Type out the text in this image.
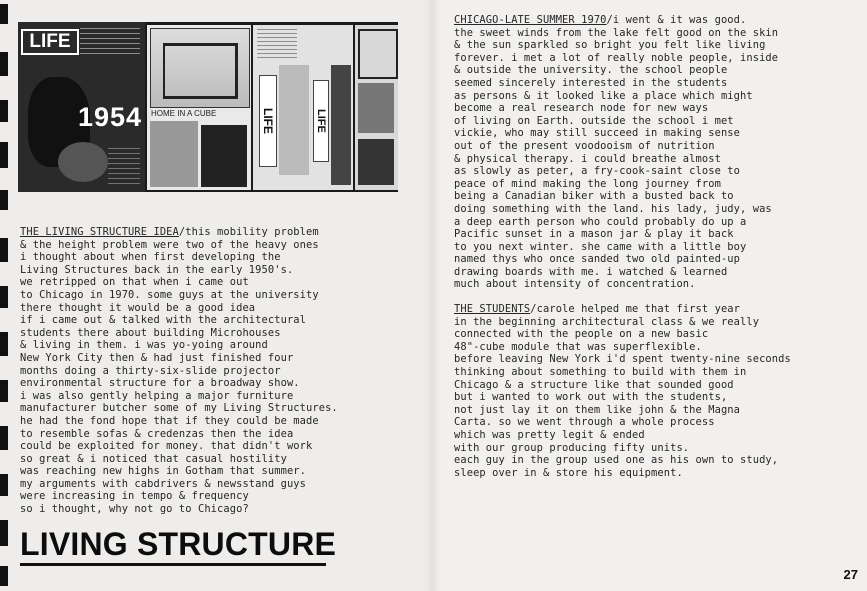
LIFE
1954 HOME IN A CUBE	LIFE	LIFE
THE LIVING STRUCTURE IDEA/this mobility problem
& the height problem were two of the heavy ones
i thought about when first developing the
Living Structures back in the early 1950's.
we retripped on that when i came out
to Chicago in 1970. some guys at the university
there thought it would be a good idea
if i came out & talked with the architectural
students there about building Microhouses
& living in them. i was yo-yoing around
New York City then & had just finished four
months doing a thirty-six-slide projector
environmental structure for a broadway show.
i was also gently helping a major furniture
manufacturer butcher some of my Living Structures.
he had the fond hope that if they could be made
to resemble sofas & credenzas then the idea
could be exploited for money. that didn't work
so great & i noticed that casual hostility
was reaching new highs in Gotham that summer.
my arguments with cabdrivers & newsstand guys
were increasing in tempo & frequency
so i thought, why not go to Chicago?
LIVING STRUCTURE
CHICAGO-LATE SUMMER 1970/i went & it was good.
the sweet winds from the lake felt good on the skin
& the sun sparkled so bright you felt like living
forever. i met a lot of really noble people, inside
& outside the university. the school people
seemed sincerely interested in the students
as persons & it looked like a place which might
become a real research node for new ways
of living on Earth. outside the school i met
vickie, who may still succeed in making sense
out of the present voodooism of nutrition
& physical therapy. i could breathe almost
as slowly as peter, a fry-cook-saint close to
peace of mind making the long journey from
being a Canadian biker with a busted back to
doing something with the land. his lady, judy, was
a deep earth person who could probably do up a
Pacific sunset in a mason jar & play it back
to you next winter. she came with a little boy
named thys who once sanded two old painted-up
drawing boards with me. i watched & learned
much about intensity of concentration.
THE STUDENTS/carole helped me that first year
in the beginning architectural class & we really
connected with the people on a new basic
48"-cube module that was superflexible.
before leaving New York i'd spent twenty-nine seconds
thinking about something to build with them in
Chicago & a structure like that sounded good
but i wanted to work out with the students,
not just lay it on them like john & the Magna
Carta. so we went through a whole process
which was pretty legit & ended
with our group producing fifty units.
each guy in the group used one as his own to study,
sleep over in & store his equipment.
27
